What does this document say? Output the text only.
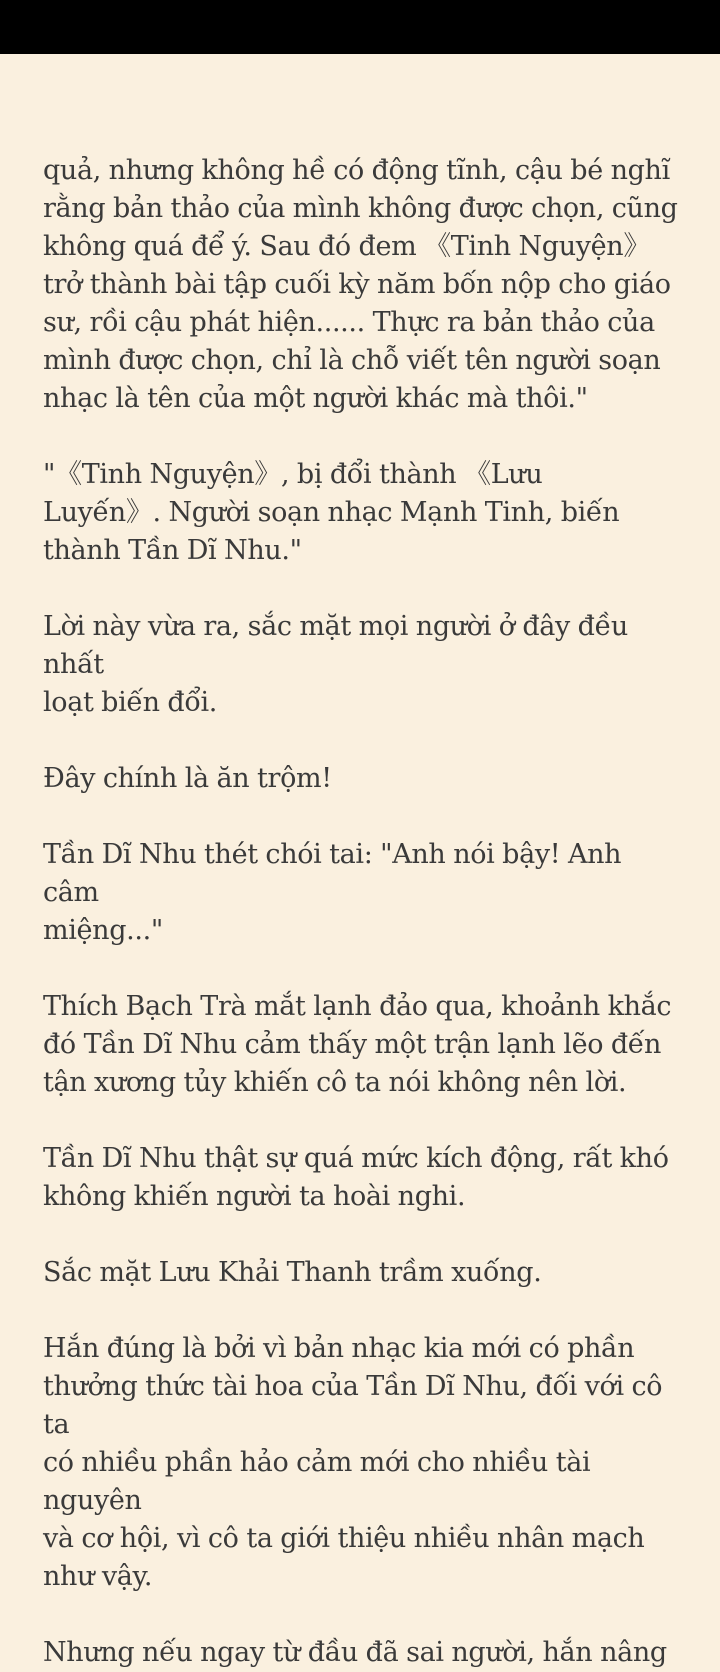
quả, nhưng không hề có động tĩnh, cậu bé nghĩ
rằng bản thảo của mình không được chọn, cũng
không quá để ý. Sau đó đem 《Tinh Nguyện》
trở thành bài tập cuối kỳ năm bốn nộp cho giáo
sư, rồi cậu phát hiện...... Thực ra bản thảo của
mình được chọn, chỉ là chỗ viết tên người soạn
nhạc là tên của một người khác mà thôi."

"《Tinh Nguyện》, bị đổi thành 《Lưu
Luyến》. Người soạn nhạc Mạnh Tinh, biến
thành Tần Dĩ Nhu."

Lời này vừa ra, sắc mặt mọi người ở đây đều nhất
loạt biến đổi.

Đây chính là ăn trộm!

Tần Dĩ Nhu thét chói tai: "Anh nói bậy! Anh câm
miệng..."

Thích Bạch Trà mắt lạnh đảo qua, khoảnh khắc
đó Tần Dĩ Nhu cảm thấy một trận lạnh lẽo đến
tận xương tủy khiến cô ta nói không nên lời.

Tần Dĩ Nhu thật sự quá mức kích động, rất khó
không khiến người ta hoài nghi.

Sắc mặt Lưu Khải Thanh trầm xuống.

Hắn đúng là bởi vì bản nhạc kia mới có phần
thưởng thức tài hoa của Tần Dĩ Nhu, đối với cô ta
có nhiều phần hảo cảm mới cho nhiều tài nguyên
và cơ hội, vì cô ta giới thiệu nhiều nhân mạch
như vậy.

Nhưng nếu ngay từ đầu đã sai người, hắn nâng
